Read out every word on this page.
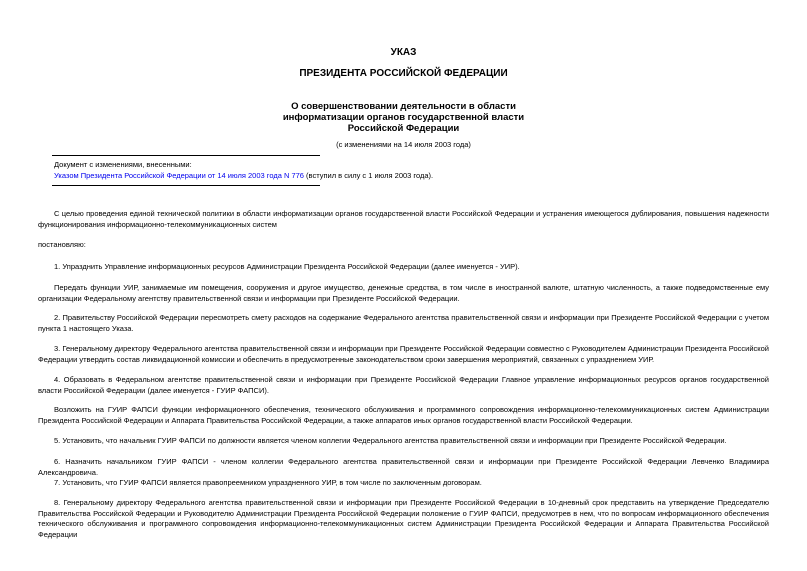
УКАЗ
ПРЕЗИДЕНТА РОССИЙСКОЙ ФЕДЕРАЦИИ
О совершенствовании деятельности в области
информатизации органов государственной власти
Российской Федерации
(с изменениями на 14 июля 2003 года)
Документ с изменениями, внесенными:
Указом Президента Российской Федерации от 14 июля 2003 года N 776 (вступил в силу с 1 июля 2003 года).
С целью проведения единой технической политики в области информатизации органов государственной власти Российской Федерации и устранения имеющегося дублирования, повышения надежности функционирования информационно-телекоммуникационных систем
постановляю:
1. Упразднить Управление информационных ресурсов Администрации Президента Российской Федерации (далее именуется - УИР).
Передать функции УИР, занимаемые им помещения, сооружения и другое имущество, денежные средства, в том числе в иностранной валюте, штатную численность, а также подведомственные ему организации Федеральному агентству правительственной связи и информации при Президенте Российской Федерации.
2. Правительству Российской Федерации пересмотреть смету расходов на содержание Федерального агентства правительственной связи и информации при Президенте Российской Федерации с учетом пункта 1 настоящего Указа.
3. Генеральному директору Федерального агентства правительственной связи и информации при Президенте Российской Федерации совместно с Руководителем Администрации Президента Российской Федерации утвердить состав ликвидационной комиссии и обеспечить в предусмотренные законодательством сроки завершения мероприятий, связанных с упразднением УИР.
4. Образовать в Федеральном агентстве правительственной связи и информации при Президенте Российской Федерации Главное управление информационных ресурсов органов государственной власти Российской Федерации (далее именуется - ГУИР ФАПСИ).
Возложить на ГУИР ФАПСИ функции информационного обеспечения, технического обслуживания и программного сопровождения информационно-телекоммуникационных систем Администрации Президента Российской Федерации и Аппарата Правительства Российской Федерации, а также аппаратов иных органов государственной власти Российской Федерации.
5. Установить, что начальник ГУИР ФАПСИ по должности является членом коллегии Федерального агентства правительственной связи и информации при Президенте Российской Федерации.
6. Назначить начальником ГУИР ФАПСИ - членом коллегии Федерального агентства правительственной связи и информации при Президенте Российской Федерации Левченко Владимира Александровича.
7. Установить, что ГУИР ФАПСИ является правопреемником упраздненного УИР, в том числе по заключенным договорам.
8. Генеральному директору Федерального агентства правительственной связи и информации при Президенте Российской Федерации в 10-дневный срок представить на утверждение Председателю Правительства Российской Федерации и Руководителю Администрации Президента Российской Федерации положение о ГУИР ФАПСИ, предусмотрев в нем, что по вопросам информационного обеспечения технического обслуживания и программного сопровождения информационно-телекоммуникационных систем Администрации Президента Российской Федерации и Аппарата Правительства Российской Федерации
